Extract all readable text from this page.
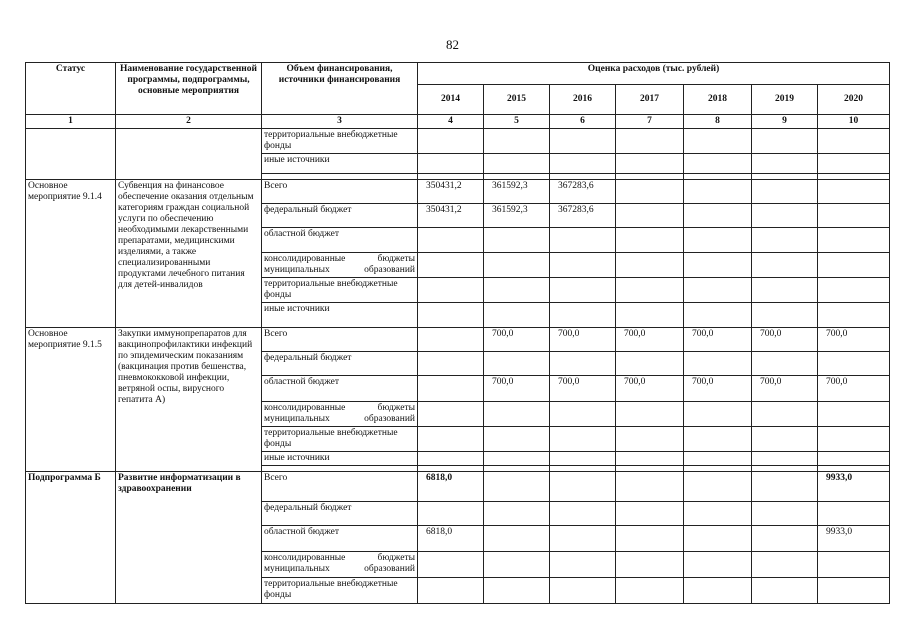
82
Статус	Наименование государственной программы, подпрограммы, основные мероприятия	Объем финансирования, источники финансирования	Оценка расходов (тыс. рублей)						
			2014	2015	2016	2017	2018	2019	2020
1	2	3	4	5	6	7	8	9	10
		территориальные внебюджетные фонды							
		иные источники							

Основное мероприятие 9.1.4	Субвенция на финансовое обеспечение оказания отдельным категориям граждан социальной услуги по обеспечению необходимыми лекарственными препаратами, медицинскими изделиями, а также специализированными продуктами лечебного питания для детей-инвалидов	Всего	350431,2	361592,3	367283,6				
		федеральный бюджет	350431,2	361592,3	367283,6				
		областной бюджет							
		консолидированные бюджеты муниципальных образований							
		территориальные внебюджетные фонды							
		иные источники							
Основное мероприятие 9.1.5	Закупки иммунопрепаратов для вакцинопрофилактики инфекций по эпидемическим показаниям (вакцинация против бешенства, пневмококковой инфекции, ветряной оспы, вирусного гепатита А)	Всего		700,0	700,0	700,0	700,0	700,0	700,0
		федеральный бюджет							
		областной бюджет		700,0	700,0	700,0	700,0	700,0	700,0
		консолидированные бюджеты муниципальных образований							
		территориальные внебюджетные фонды							
		иные источники							

Подпрограмма Б	Развитие информатизации в здравоохранении	Всего	6818,0						9933,0
		федеральный бюджет							
		областной бюджет	6818,0						9933,0
		консолидированные бюджеты муниципальных образований							
		территориальные внебюджетные фонды							
